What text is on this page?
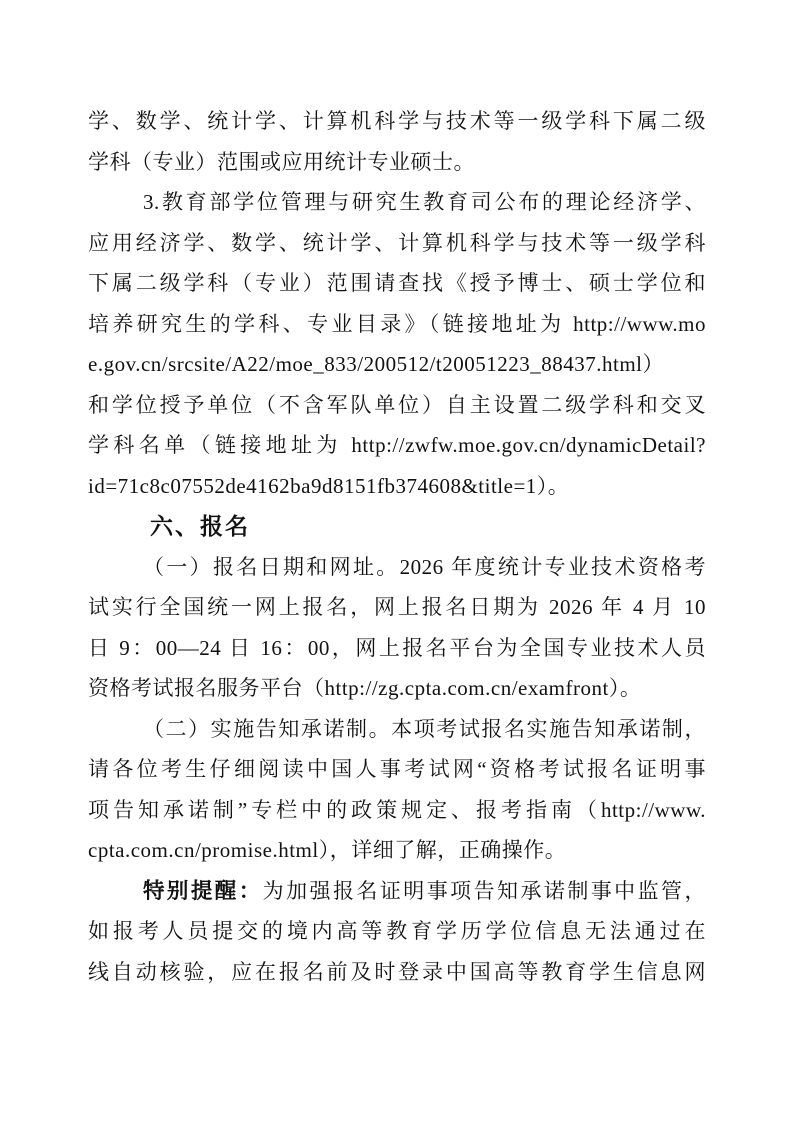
学、数学、统计学、计算机科学与技术等一级学科下属二级
学科（专业）范围或应用统计专业硕士。
3.教育部学位管理与研究生教育司公布的理论经济学、
应用经济学、数学、统计学、计算机科学与技术等一级学科
下属二级学科（专业）范围请查找《授予博士、硕士学位和
培养研究生的学科、专业目录》（链接地址为 http://www.mo
e.gov.cn/srcsite/A22/moe_833/200512/t20051223_88437.html）
和学位授予单位（不含军队单位）自主设置二级学科和交叉
学科名单（链接地址为 http://zwfw.moe.gov.cn/dynamicDetail?
id=71c8c07552de4162ba9d8151fb374608&title=1）。
六、报名
（一）报名日期和网址。2026 年度统计专业技术资格考
试实行全国统一网上报名，网上报名日期为 2026 年 4 月 10
日 9：00—24 日 16：00，网上报名平台为全国专业技术人员
资格考试报名服务平台（http://zg.cpta.com.cn/examfront）。
（二）实施告知承诺制。本项考试报名实施告知承诺制，
请各位考生仔细阅读中国人事考试网“资格考试报名证明事
项告知承诺制”专栏中的政策规定、报考指南（http://www.
cpta.com.cn/promise.html），详细了解，正确操作。
特别提醒：为加强报名证明事项告知承诺制事中监管，
如报考人员提交的境内高等教育学历学位信息无法通过在
线自动核验，应在报名前及时登录中国高等教育学生信息网
